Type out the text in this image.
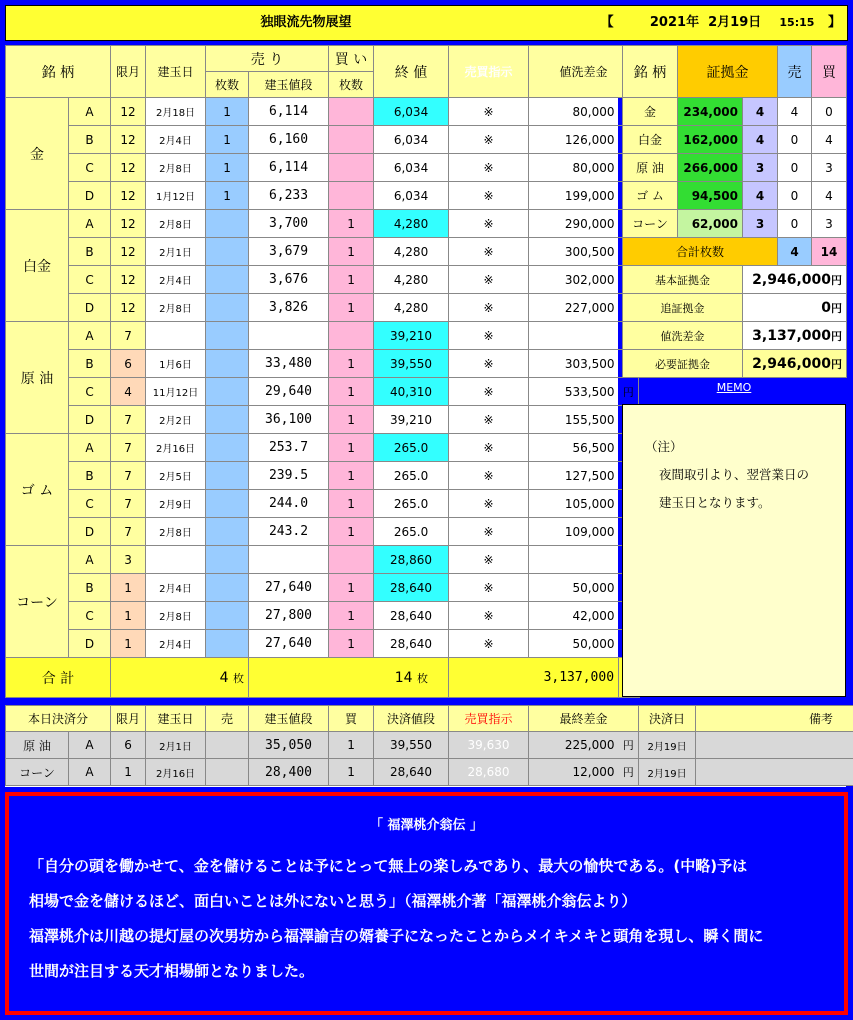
独眼流先物展望	【	2021年 2月19日 15:15 】
銘 柄		限月	建玉日	売 り		買 い	終 値	売買指示	値洗差金	
				枚数	建玉値段	枚数				
金	A	12	2月18日	1	6,114		6,034	※	80,000	
	B	12	2月4日	1	6,160		6,034	※	126,000	
	C	12	2月8日	1	6,114		6,034	※	80,000	
	D	12	1月12日	1	6,233		6,034	※	199,000	
白金	A	12	2月8日		3,700	1	4,280	※	290,000	
	B	12	2月1日		3,679	1	4,280	※	300,500	
	C	12	2月4日		3,676	1	4,280	※	302,000	
	D	12	2月8日		3,826	1	4,280	※	227,000	
原 油	A	7					39,210	※		
	B	6	1月6日		33,480	1	39,550	※	303,500	
	C	4	11月12日		29,640	1	40,310	※	533,500	円
	D	7	2月2日		36,100	1	39,210	※	155,500	
ゴ ム	A	7	2月16日		253.7	1	265.0	※	56,500	
	B	7	2月5日		239.5	1	265.0	※	127,500	
	C	7	2月9日		244.0	1	265.0	※	105,000	
	D	7	2月8日		243.2	1	265.0	※	109,000	
コーン	A	3					28,860	※		
	B	1	2月4日		27,640	1	28,640	※	50,000	
	C	1	2月8日		27,800	1	28,640	※	42,000	
	D	1	2月4日		27,640	1	28,640	※	50,000	
合 計		4 枚			14 枚			3,137,000	
銘 柄	証拠金		売	買
金	234,000	4	4	0
白金	162,000	4	0	4
原 油	266,000	3	0	3
ゴ ム	94,500	4	0	4
コーン	62,000	3	0	3
合計枚数			4	14
基本証拠金		2,946,000円		
追証拠金		0円		
値洗差金		3,137,000円		
必要証拠金		2,946,000円		
MEMO
（注）
夜間取引より、翌営業日の
建玉日となります。
本日決済分		限月	建玉日	売	建玉値段	買	決済値段	売買指示	最終差金		決済日	備考
原 油	A	6	2月1日		35,050	1	39,550	39,630	225,000	円	2月19日	
コーン	A	1	2月16日		28,400	1	28,640	28,680	12,000	円	2月19日	
「 福澤桃介翁伝 」

「自分の頭を働かせて、金を儲けることは予にとって無上の楽しみであり、最大の愉快である。(中略)予は

相場で金を儲けるほど、面白いことは外にないと思う」（福澤桃介著「福澤桃介翁伝より）

福澤桃介は川越の提灯屋の次男坊から福澤諭吉の婿養子になったことからメイキメキと頭角を現し、瞬く間に

世間が注目する天才相場師となりました。
